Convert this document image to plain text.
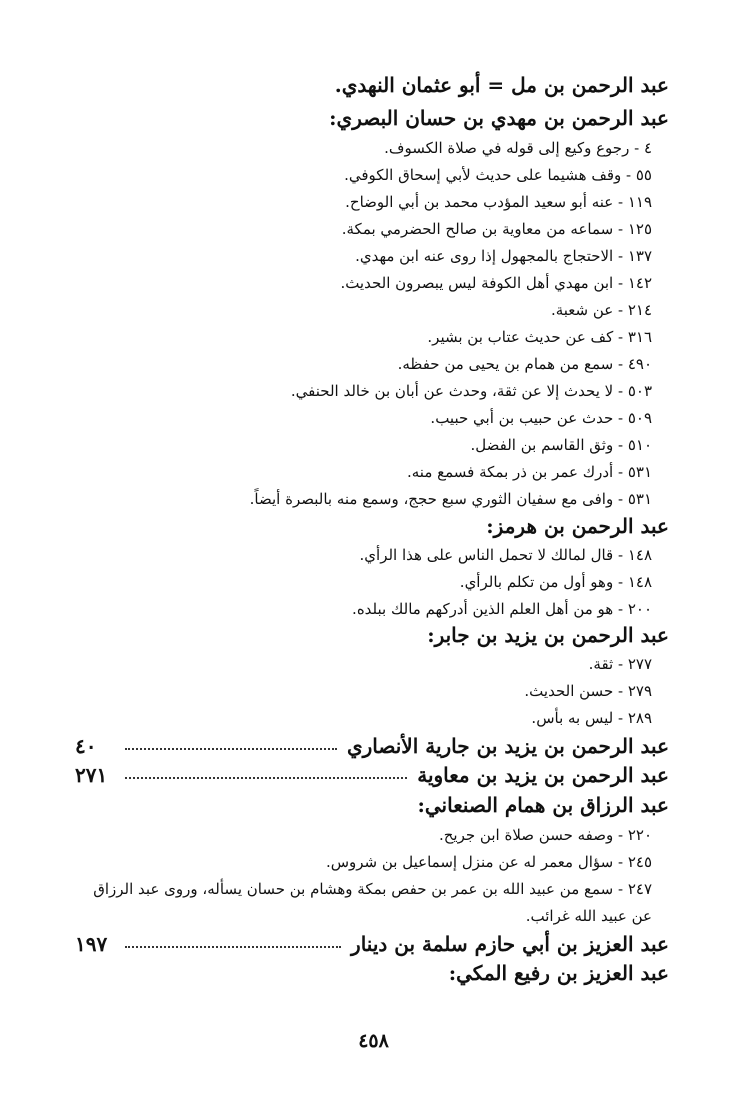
عبد الرحمن بن مل = أبو عثمان النهدي.
عبد الرحمن بن مهدي بن حسان البصري:
٤ - رجوع وكيع إلى قوله في صلاة الكسوف.
٥٥ - وقف هشيما على حديث لأبي إسحاق الكوفي.
١١٩ - عنه أبو سعيد المؤدب محمد بن أبي الوضاح.
١٢٥ - سماعه من معاوية بن صالح الحضرمي بمكة.
١٣٧ - الاحتجاج بالمجهول إذا روى عنه ابن مهدي.
١٤٢ - ابن مهدي أهل الكوفة ليس يبصرون الحديث.
٢١٤ - عن شعبة.
٣١٦ - كف عن حديث عتاب بن بشير.
٤٩٠ - سمع من همام بن يحيى من حفظه.
٥٠٣ - لا يحدث إلا عن ثقة، وحدث عن أبان بن خالد الحنفي.
٥٠٩ - حدث عن حبيب بن أبي حبيب.
٥١٠ - وثق القاسم بن الفضل.
٥٣١ - أدرك عمر بن ذر بمكة فسمع منه.
٥٣١ - وافى مع سفيان الثوري سبع حجج، وسمع منه بالبصرة أيضاً.
عبد الرحمن بن هرمز:
١٤٨ - قال لمالك لا تحمل الناس على هذا الرأي.
١٤٨ - وهو أول من تكلم بالرأي.
٢٠٠ - هو من أهل العلم الذين أدركهم مالك ببلده.
عبد الرحمن بن يزيد بن جابر:
٢٧٧ - ثقة.
٢٧٩ - حسن الحديث.
٢٨٩ - ليس به بأس.
عبد الرحمن بن يزيد بن جارية الأنصاري
٤٠
عبد الرحمن بن يزيد بن معاوية
٢٧١
عبد الرزاق بن همام الصنعاني:
٢٢٠ - وصفه حسن صلاة ابن جريح.
٢٤٥ - سؤال معمر له عن منزل إسماعيل بن شروس.
٢٤٧ - سمع من عبيد الله بن عمر بن حفص بمكة وهشام بن حسان يسأله، وروى عبد الرزاق عن عبيد الله غرائب.
عبد العزيز بن أبي حازم سلمة بن دينار
١٩٧
عبد العزيز بن رفيع المكي:
٤٥٨
